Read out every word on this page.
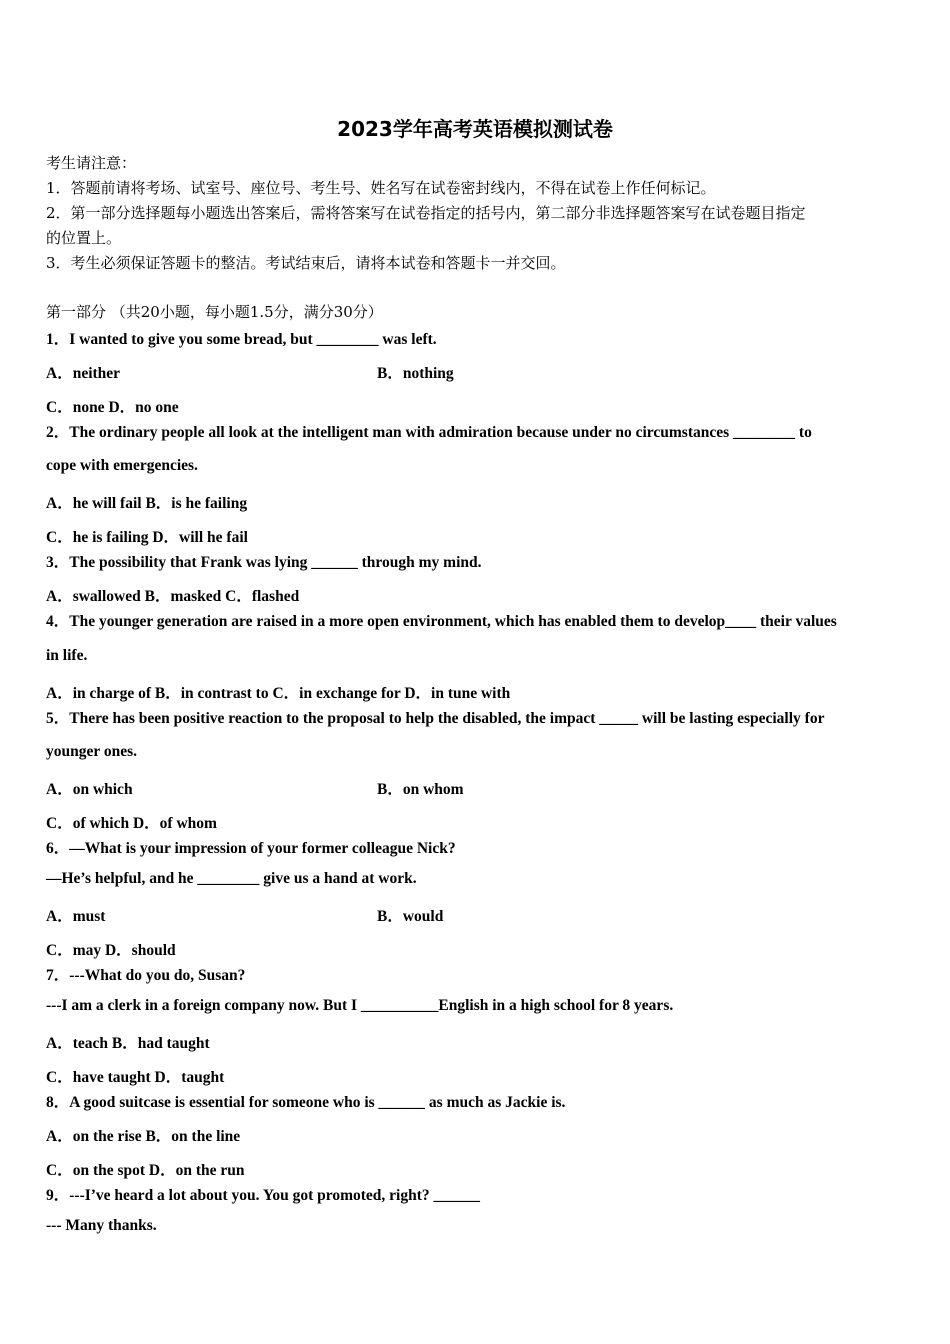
2023学年高考英语模拟测试卷
考生请注意：
1．答题前请将考场、试室号、座位号、考生号、姓名写在试卷密封线内，不得在试卷上作任何标记。
2．第一部分选择题每小题选出答案后，需将答案写在试卷指定的括号内，第二部分非选择题答案写在试卷题目指定
的位置上。
3．考生必须保证答题卡的整洁。考试结束后，请将本试卷和答题卡一并交回。
第一部分 （共20小题，每小题1.5分，满分30分）
1．I wanted to give you some bread, but ________ was left.
A．neither	B．nothing
C．none D．no one
2．The ordinary people all look at the intelligent man with admiration because under no circumstances ________ to
cope with emergencies.
A．he will fail B．is he failing
C．he is failing D．will he fail
3．The possibility that Frank was lying ______ through my mind.
A．swallowed B．masked C．flashed
4．The younger generation are raised in a more open environment, which has enabled them to develop____ their values
in life.
A．in charge of B．in contrast to C．in exchange for D．in tune with
5．There has been positive reaction to the proposal to help the disabled, the impact _____ will be lasting especially for
younger ones.
A．on which	B．on whom
C．of which D．of whom
6．—What is your impression of your former colleague Nick?
—He’s helpful, and he ________ give us a hand at work.
A．must	B．would
C．may D．should
7．---What do you do, Susan?
---I am a clerk in a foreign company now. But I __________English in a high school for 8 years.
A．teach B．had taught
C．have taught D．taught
8．A good suitcase is essential for someone who is ______ as much as Jackie is.
A．on the rise B．on the line
C．on the spot D．on the run
9．---I’ve heard a lot about you. You got promoted, right? ______
--- Many thanks.
